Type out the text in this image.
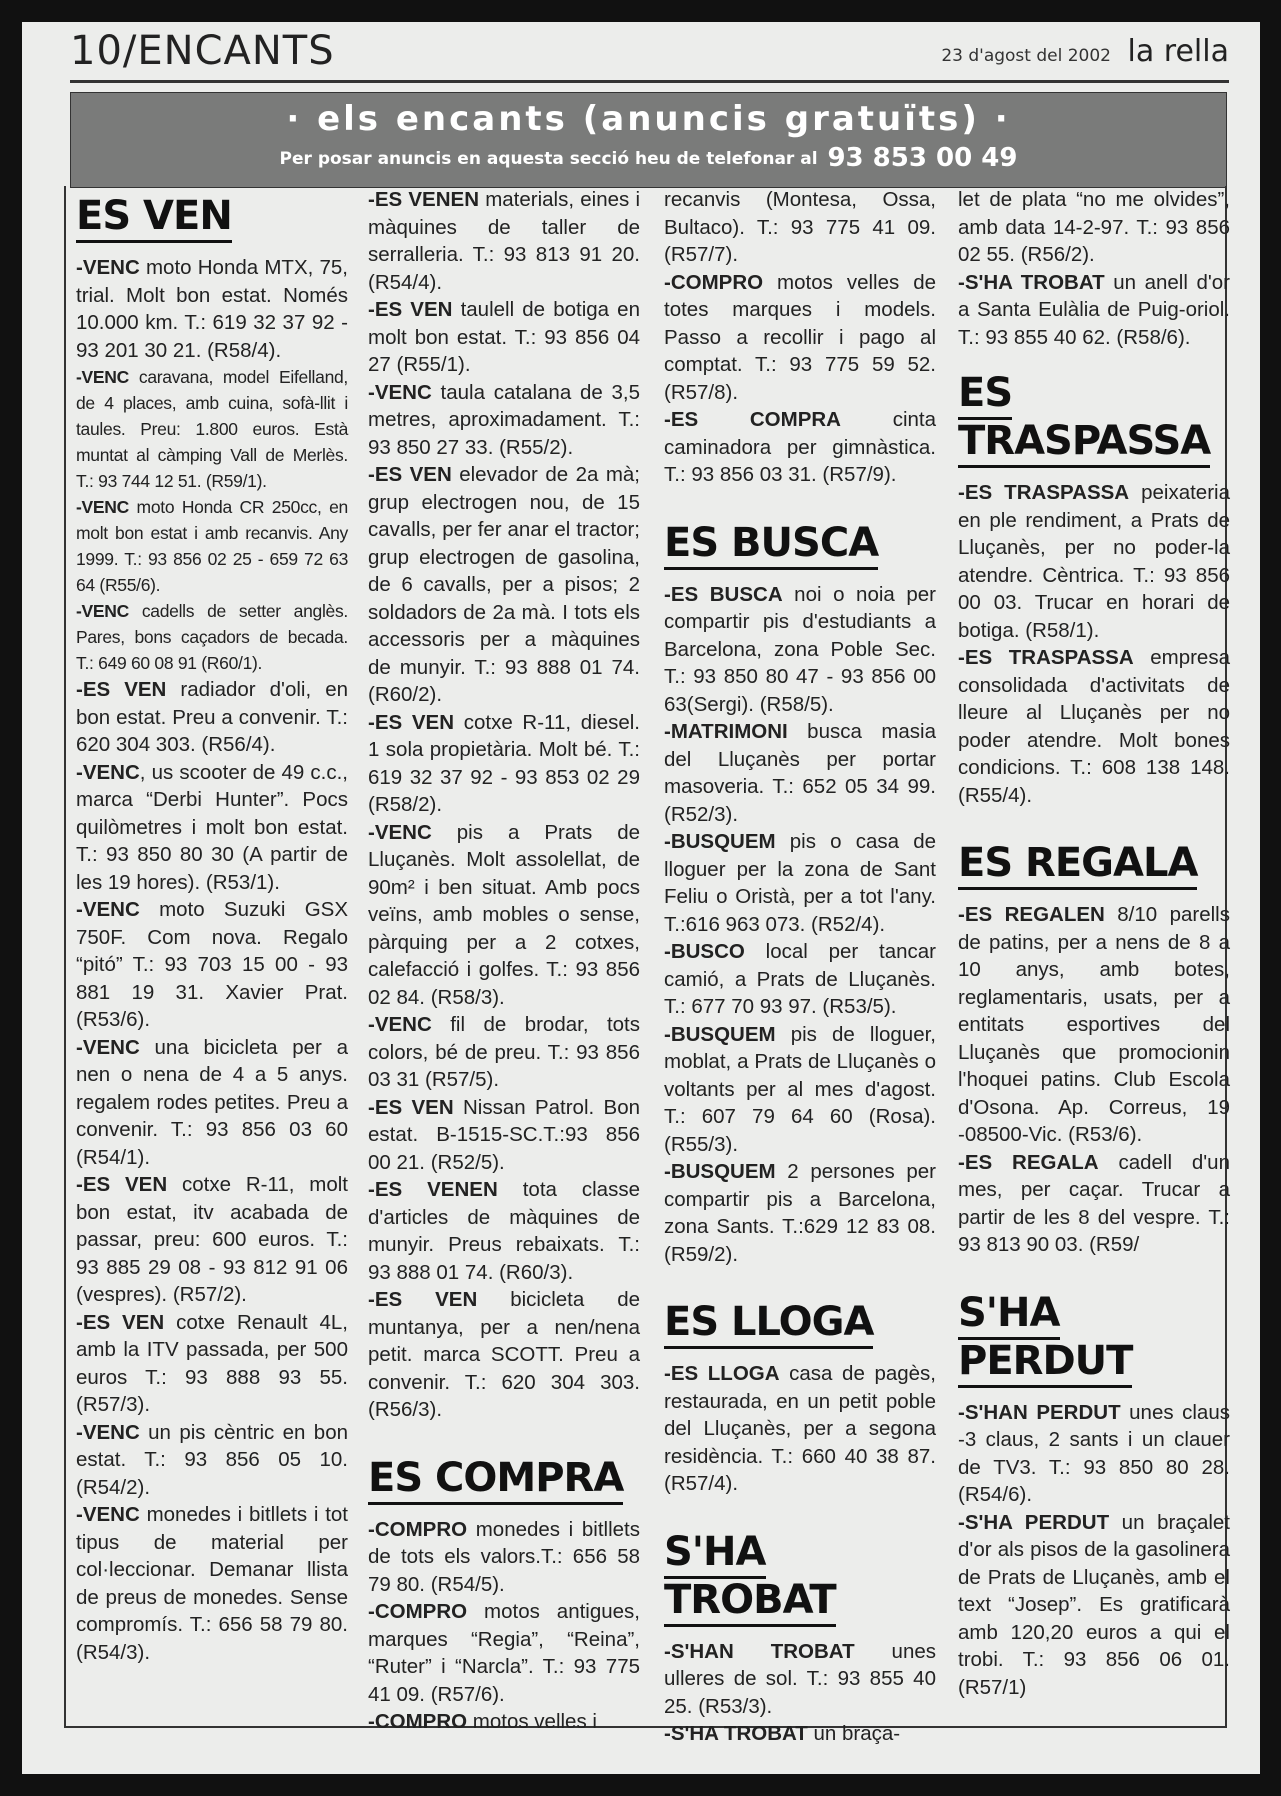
10/ENCANTS	23 d'agost del 2002 la rella
· els encants (anuncis gratuïts) ·
Per posar anuncis en aquesta secció heu de telefonar al 93 853 00 49
ES VEN

-VENC moto Honda MTX, 75, trial. Molt bon estat. Només 10.000 km. T.: 619 32 37 92 - 93 201 30 21. (R58/4).

-VENC caravana, model Eifelland, de 4 places, amb cuina, sofà-llit i taules. Preu: 1.800 euros. Està muntat al càmping Vall de Merlès. T.: 93 744 12 51. (R59/1).

-VENC moto Honda CR 250cc, en molt bon estat i amb recanvis. Any 1999. T.: 93 856 02 25 - 659 72 63 64 (R55/6).

-VENC cadells de setter anglès. Pares, bons caçadors de becada. T.: 649 60 08 91 (R60/1).

-ES VEN radiador d'oli, en bon estat. Preu a convenir. T.: 620 304 303. (R56/4).

-VENC, us scooter de 49 c.c., marca “Derbi Hunter”. Pocs quilòmetres i molt bon estat. T.: 93 850 80 30 (A partir de les 19 hores). (R53/1).

-VENC moto Suzuki GSX 750F. Com nova. Regalo “pitó” T.: 93 703 15 00 - 93 881 19 31. Xavier Prat. (R53/6).

-VENC una bicicleta per a nen o nena de 4 a 5 anys. regalem rodes petites. Preu a convenir. T.: 93 856 03 60 (R54/1).

-ES VEN cotxe R-11, molt bon estat, itv acabada de passar, preu: 600 euros. T.: 93 885 29 08 - 93 812 91 06 (vespres). (R57/2).

-ES VEN cotxe Renault 4L, amb la ITV passada, per 500 euros T.: 93 888 93 55. (R57/3).

-VENC un pis cèntric en bon estat. T.: 93 856 05 10. (R54/2).

-VENC monedes i bitllets i tot tipus de material per col·leccionar. Demanar llista de preus de monedes. Sense compromís. T.: 656 58 79 80. (R54/3).

-ES VENEN materials, eines i màquines de taller de serralleria. T.: 93 813 91 20. (R54/4).

-ES VEN taulell de botiga en molt bon estat. T.: 93 856 04 27 (R55/1).

-VENC taula catalana de 3,5 metres, aproximadament. T.: 93 850 27 33. (R55/2).

-ES VEN elevador de 2a mà; grup electrogen nou, de 15 cavalls, per fer anar el tractor; grup electrogen de gasolina, de 6 cavalls, per a pisos; 2 soldadors de 2a mà. I tots els accessoris per a màquines de munyir. T.: 93 888 01 74. (R60/2).

-ES VEN cotxe R-11, diesel. 1 sola propietària. Molt bé. T.: 619 32 37 92 - 93 853 02 29 (R58/2).

-VENC pis a Prats de Lluçanès. Molt assolellat, de 90m² i ben situat. Amb pocs veïns, amb mobles o sense, pàrquing per a 2 cotxes, calefacció i golfes. T.: 93 856 02 84. (R58/3).

-VENC fil de brodar, tots colors, bé de preu. T.: 93 856 03 31 (R57/5).

-ES VEN Nissan Patrol. Bon estat. B-1515-SC.T.:93 856 00 21. (R52/5).

-ES VENEN tota classe d'articles de màquines de munyir. Preus rebaixats. T.: 93 888 01 74. (R60/3).

-ES VEN bicicleta de muntanya, per a nen/nena petit. marca SCOTT. Preu a convenir. T.: 620 304 303. (R56/3).

ES COMPRA

-COMPRO monedes i bitllets de tots els valors.T.: 656 58 79 80. (R54/5).

-COMPRO motos antigues, marques “Regia”, “Reina”, “Ruter” i “Narcla”. T.: 93 775 41 09. (R57/6).

-COMPRO motos velles i

recanvis (Montesa, Ossa, Bultaco). T.: 93 775 41 09.(R57/7).

-COMPRO motos velles de totes marques i models. Passo a recollir i pago al comptat. T.: 93 775 59 52. (R57/8).

-ES COMPRA cinta caminadora per gimnàstica. T.: 93 856 03 31. (R57/9).

ES BUSCA

-ES BUSCA noi o noia per compartir pis d'estudiants a Barcelona, zona Poble Sec. T.: 93 850 80 47 - 93 856 00 63(Sergi). (R58/5).

-MATRIMONI busca masia del Lluçanès per portar masoveria. T.: 652 05 34 99. (R52/3).

-BUSQUEM pis o casa de lloguer per la zona de Sant Feliu o Oristà, per a tot l'any. T.:616 963 073. (R52/4).

-BUSCO local per tancar camió, a Prats de Lluçanès. T.: 677 70 93 97. (R53/5).

-BUSQUEM pis de lloguer, moblat, a Prats de Lluçanès o voltants per al mes d'agost. T.: 607 79 64 60 (Rosa). (R55/3).

-BUSQUEM 2 persones per compartir pis a Barcelona, zona Sants. T.:629 12 83 08. (R59/2).

ES LLOGA

-ES LLOGA casa de pagès, restaurada, en un petit poble del Lluçanès, per a segona residència. T.: 660 40 38 87. (R57/4).

S'HA TROBAT

-S'HAN TROBAT unes ulleres de sol. T.: 93 855 40 25. (R53/3).

-S'HA TROBAT un braça-

let de plata “no me olvides”, amb data 14-2-97. T.: 93 856 02 55. (R56/2).

-S'HA TROBAT un anell d'or a Santa Eulàlia de Puig-oriol. T.: 93 855 40 62. (R58/6).

ES TRASPASSA

-ES TRASPASSA peixateria en ple rendiment, a Prats de Lluçanès, per no poder-la atendre. Cèntrica. T.: 93 856 00 03. Trucar en horari de botiga. (R58/1).

-ES TRASPASSA empresa consolidada d'activitats de lleure al Lluçanès per no poder atendre. Molt bones condicions. T.: 608 138 148. (R55/4).

ES REGALA

-ES REGALEN 8/10 parells de patins, per a nens de 8 a 10 anys, amb botes, reglamentaris, usats, per a entitats esportives del Lluçanès que promocionin l'hoquei patins. Club Escola d'Osona. Ap. Correus, 19 -08500-Vic. (R53/6).

-ES REGALA cadell d'un mes, per caçar. Trucar a partir de les 8 del vespre. T.: 93 813 90 03. (R59/

S'HA PERDUT

-S'HAN PERDUT unes claus -3 claus, 2 sants i un clauer de TV3. T.: 93 850 80 28. (R54/6).

-S'HA PERDUT un braçalet d'or als pisos de la gasolinera de Prats de Lluçanès, amb el text “Josep”. Es gratificarà amb 120,20 euros a qui el trobi. T.: 93 856 06 01. (R57/1)
